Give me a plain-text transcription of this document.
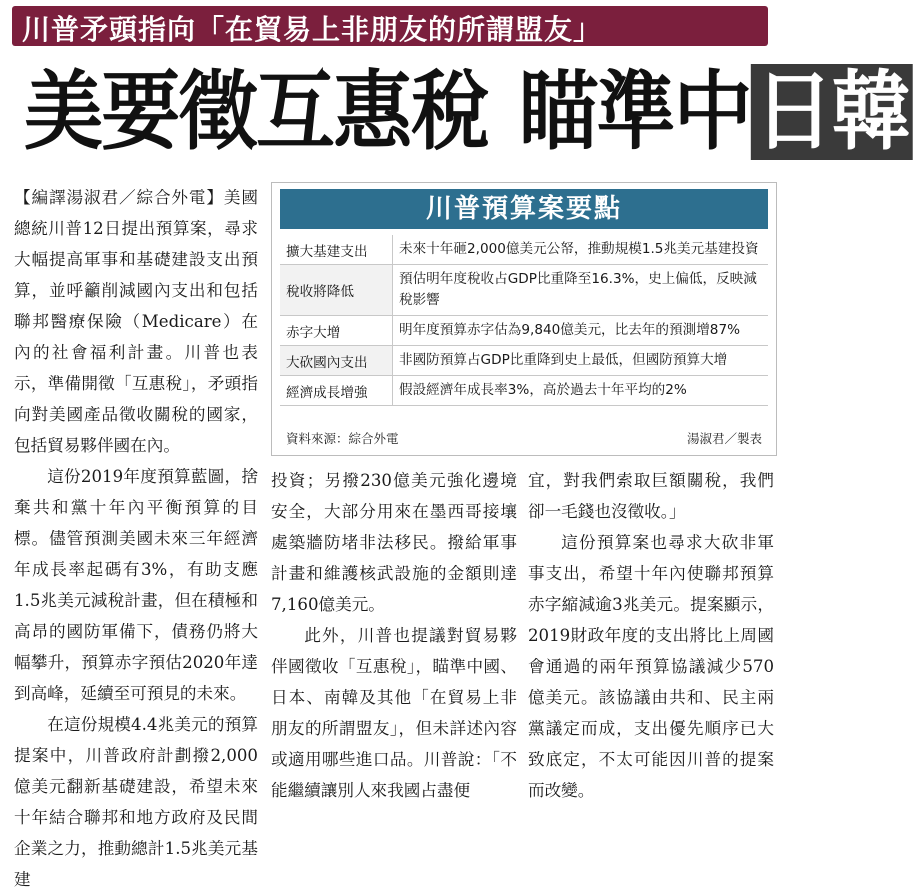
川普矛頭指向「在貿易上非朋友的所謂盟友」
美要徵互惠稅 瞄準中日韓

【編譯湯淑君／綜合外電】美國總統川普12日提出預算案，尋求大幅提高軍事和基礎建設支出預算，並呼籲削減國內支出和包括聯邦醫療保險（Medicare）在內的社會福利計畫。川普也表示，準備開徵「互惠稅」，矛頭指向對美國產品徵收關稅的國家，包括貿易夥伴國在內。

這份2019年度預算藍圖，捨棄共和黨十年內平衡預算的目標。儘管預測美國未來三年經濟年成長率起碼有3%，有助支應1.5兆美元減稅計畫，但在積極和高昂的國防軍備下，債務仍將大幅攀升，預算赤字預估2020年達到高峰，延續至可預見的未來。

在這份規模4.4兆美元的預算提案中，川普政府計劃撥2,000億美元翻新基礎建設，希望未來十年結合聯邦和地方政府及民間企業之力，推動總計1.5兆美元基建

川普預算案要點
擴大基建支出	未來十年砸2,000億美元公帑，推動規模1.5兆美元基建投資
稅收將降低	預估明年度稅收占GDP比重降至16.3%，史上偏低，反映減稅影響
赤字大增	明年度預算赤字估為9,840億美元，比去年的預測增87%
大砍國內支出	非國防預算占GDP比重降到史上最低，但國防預算大增
經濟成長增強	假設經濟年成長率3%，高於過去十年平均的2%
資料來源：綜合外電	湯淑君／製表

投資；另撥230億美元強化邊境安全，大部分用來在墨西哥接壤處築牆防堵非法移民。撥給軍事計畫和維護核武設施的金額則達7,160億美元。

此外，川普也提議對貿易夥伴國徵收「互惠稅」，瞄準中國、日本、南韓及其他「在貿易上非朋友的所謂盟友」，但未詳述內容或適用哪些進口品。川普說：「不能繼續讓別人來我國占盡便

宜，對我們索取巨額關稅，我們卻一毛錢也沒徵收。」

這份預算案也尋求大砍非軍事支出，希望十年內使聯邦預算赤字縮減逾3兆美元。提案顯示，2019財政年度的支出將比上周國會通過的兩年預算協議減少570億美元。該協議由共和、民主兩黨議定而成，支出優先順序已大致底定，不太可能因川普的提案而改變。
